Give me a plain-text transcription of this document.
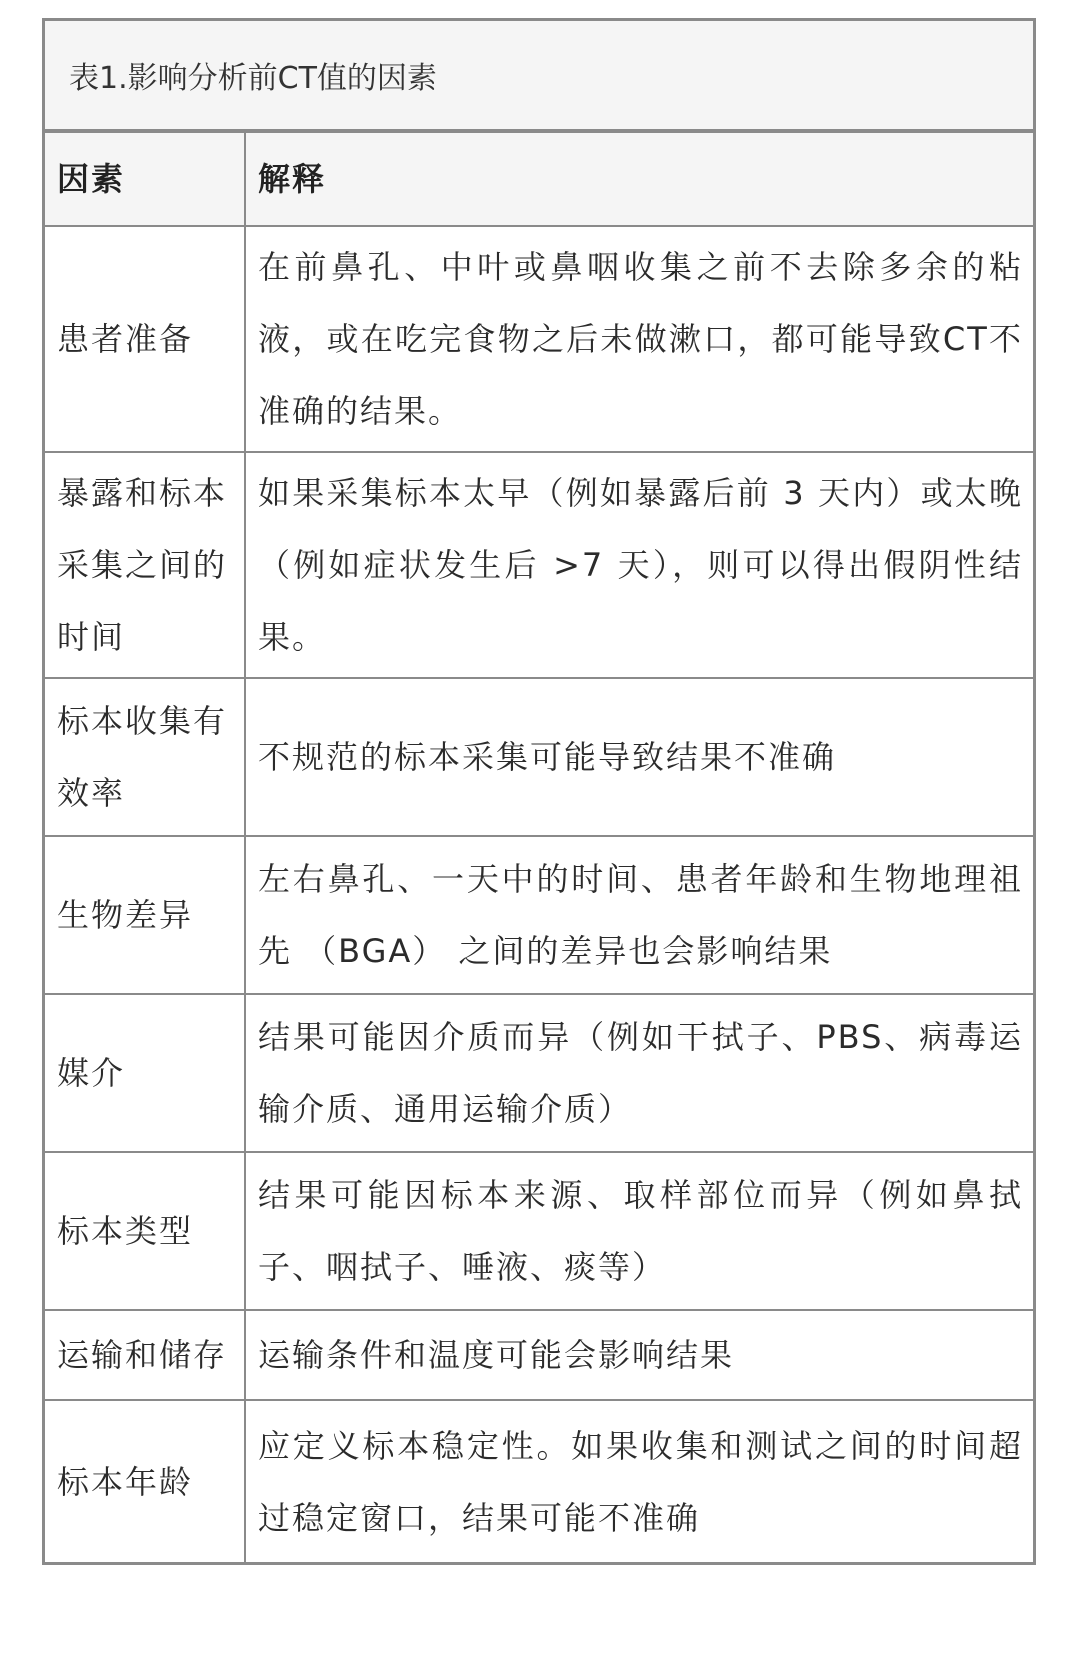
表1.影响分析前CT值的因素
因素	解释
患者准备	在前鼻孔、中叶或鼻咽收集之前不去除多余的粘液，或在吃完食物之后未做漱口，都可能导致CT不准确的结果。
暴露和标本采集之间的时间	如果采集标本太早（例如暴露后前 3 天内）或太晚（例如症状发生后 >7 天），则可以得出假阴性结果。
标本收集有效率	不规范的标本采集可能导致结果不准确
生物差异	左右鼻孔、一天中的时间、患者年龄和生物地理祖先 （BGA） 之间的差异也会影响结果
媒介	结果可能因介质而异（例如干拭子、PBS、病毒运输介质、通用运输介质）
标本类型	结果可能因标本来源、取样部位而异（例如鼻拭子、咽拭子、唾液、痰等）
运输和储存	运输条件和温度可能会影响结果
标本年龄	应定义标本稳定性。如果收集和测试之间的时间超过稳定窗口，结果可能不准确
